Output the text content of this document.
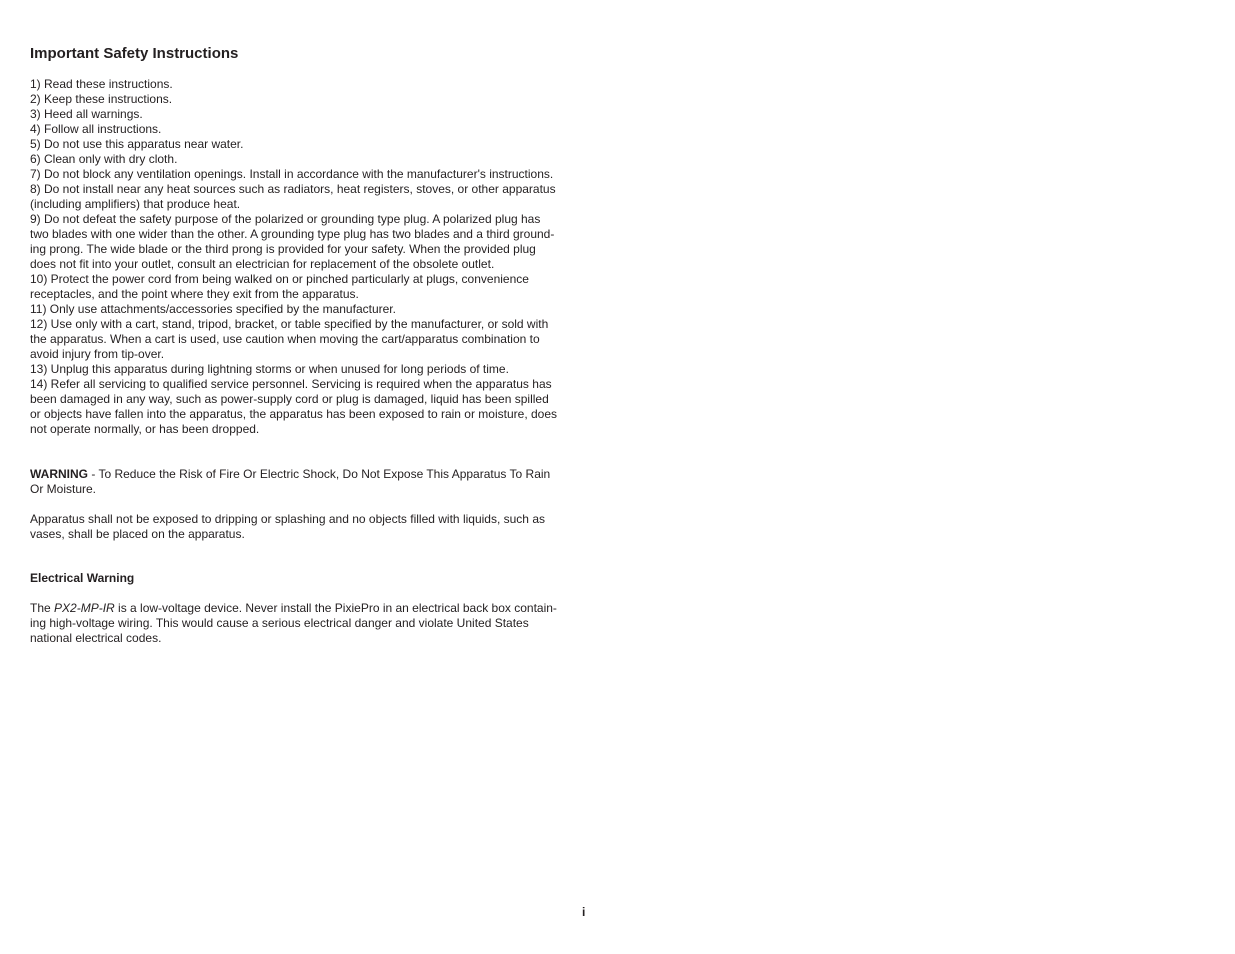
Important Safety Instructions
1) Read these instructions.
2) Keep these instructions.
3) Heed all warnings.
4) Follow all instructions.
5) Do not use this apparatus near water.
6) Clean only with dry cloth.
7) Do not block any ventilation openings. Install in accordance with the manufacturer's instructions.
8) Do not install near any heat sources such as radiators, heat registers, stoves, or other apparatus
(including amplifiers) that produce heat.
9) Do not defeat the safety purpose of the polarized or grounding type plug. A polarized plug has
two blades with one wider than the other. A grounding type plug has two blades and a third ground-
ing prong. The wide blade or the third prong is provided for your safety. When the provided plug
does not fit into your outlet, consult an electrician for replacement of the obsolete outlet.
10) Protect the power cord from being walked on or pinched particularly at plugs, convenience
receptacles, and the point where they exit from the apparatus.
11) Only use attachments/accessories specified by the manufacturer.
12) Use only with a cart, stand, tripod, bracket, or table specified by the manufacturer, or sold with
the apparatus. When a cart is used, use caution when moving the cart/apparatus combination to
avoid injury from tip-over.
13) Unplug this apparatus during lightning storms or when unused for long periods of time.
14) Refer all servicing to qualified service personnel. Servicing is required when the apparatus has
been damaged in any way, such as power-supply cord or plug is damaged, liquid has been spilled
or objects have fallen into the apparatus, the apparatus has been exposed to rain or moisture, does
not operate normally, or has been dropped.
WARNING - To Reduce the Risk of Fire Or Electric Shock, Do Not Expose This Apparatus To Rain
Or Moisture.
Apparatus shall not be exposed to dripping or splashing and no objects filled with liquids, such as
vases, shall be placed on the apparatus.
Electrical Warning
The PX2-MP-IR is a low-voltage device. Never install the PixiePro in an electrical back box contain-
ing high-voltage wiring. This would cause a serious electrical danger and violate United States
national electrical codes.
i
